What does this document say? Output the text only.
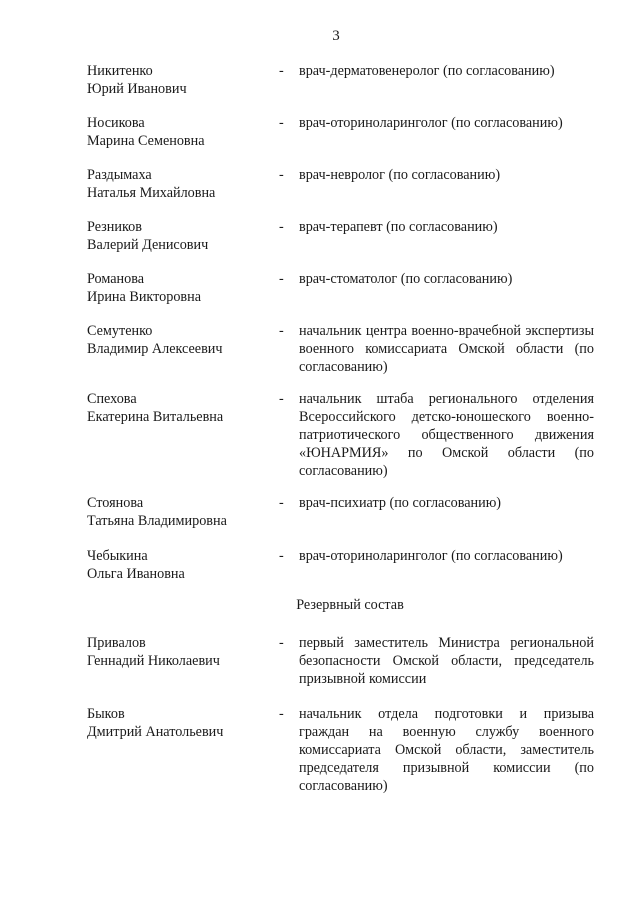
3
Никитенко
Юрий Иванович
- врач-дерматовенеролог (по согласованию)
Носикова
Марина Семеновна
- врач-оториноларинголог (по согласованию)
Раздымаха
Наталья Михайловна
- врач-невролог (по согласованию)
Резников
Валерий Денисович
- врач-терапевт (по согласованию)
Романова
Ирина Викторовна
- врач-стоматолог (по согласованию)
Семутенко
Владимир Алексеевич
- начальник центра военно-врачебной экспертизы военного комиссариата Омской области (по согласованию)
Спехова
Екатерина Витальевна
- начальник штаба регионального отделения Всероссийского детско-юношеского военно-патриотического общественного движения «ЮНАРМИЯ» по Омской области (по согласованию)
Стоянова
Татьяна Владимировна
- врач-психиатр (по согласованию)
Чебыкина
Ольга Ивановна
- врач-оториноларинголог (по согласованию)
Резервный состав
Привалов
Геннадий Николаевич
- первый заместитель Министра региональной безопасности Омской области, председатель призывной комиссии
Быков
Дмитрий Анатольевич
- начальник отдела подготовки и призыва граждан на военную службу военного комиссариата Омской области, заместитель председателя призывной комиссии (по согласованию)
